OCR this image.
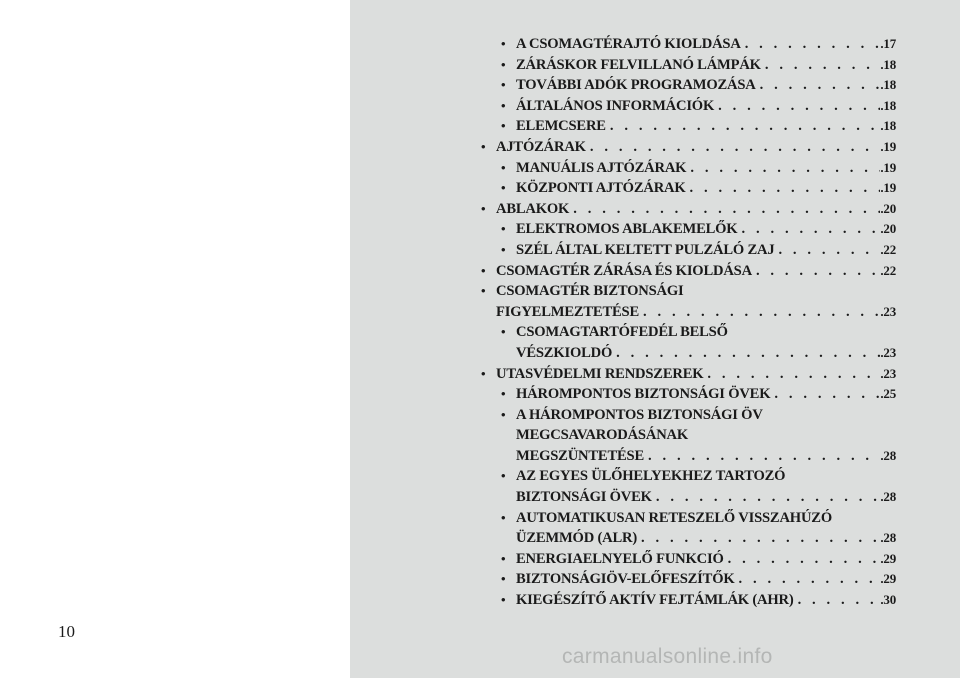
10
• A CSOMAGTÉRAJTÓ KIOLDÁSA . . .	.17
• ZÁRÁSKOR FELVILLANÓ LÁMPÁK . . .	.18
• TOVÁBBI ADÓK PROGRAMOZÁSA . . .	.18
• ÁLTALÁNOS INFORMÁCIÓK . . .	.18
• ELEMCSERE . . .	.18
• AJTÓZÁRAK . . .	.19
• MANUÁLIS AJTÓZÁRAK . . .	.19
• KÖZPONTI AJTÓZÁRAK . . .	.19
• ABLAKOK . . .	.20
• ELEKTROMOS ABLAKEMELŐK . . .	.20
• SZÉL ÁLTAL KELTETT PULZÁLÓ ZAJ . . .	.22
• CSOMAGTÉR ZÁRÁSA ÉS KIOLDÁSA . . .	.22
• CSOMAGTÉR BIZTONSÁGI
FIGYELMEZTETÉSE . . .	.23
• CSOMAGTARTÓFEDÉL BELSŐ
VÉSZKIOLDÓ . . .	.23
• UTASVÉDELMI RENDSZEREK . . .	.23
• HÁROMPONTOS BIZTONSÁGI ÖVEK . . .	.25
• A HÁROMPONTOS BIZTONSÁGI ÖV
MEGCSAVARODÁSÁNAK
MEGSZÜNTETÉSE . . .	.28
• AZ EGYES ÜLŐHELYEKHEZ TARTOZÓ
BIZTONSÁGI ÖVEK . . .	.28
• AUTOMATIKUSAN RETESZELŐ VISSZAHÚZÓ
ÜZEMMÓD (ALR) . . .	.28
• ENERGIAELNYELŐ FUNKCIÓ . . .	.29
• BIZTONSÁGIÖV-ELŐFESZÍTŐK . . .	.29
• KIEGÉSZÍTŐ AKTÍV FEJTÁMLÁK (AHR) . . .	.30
carmanualsonline.info
